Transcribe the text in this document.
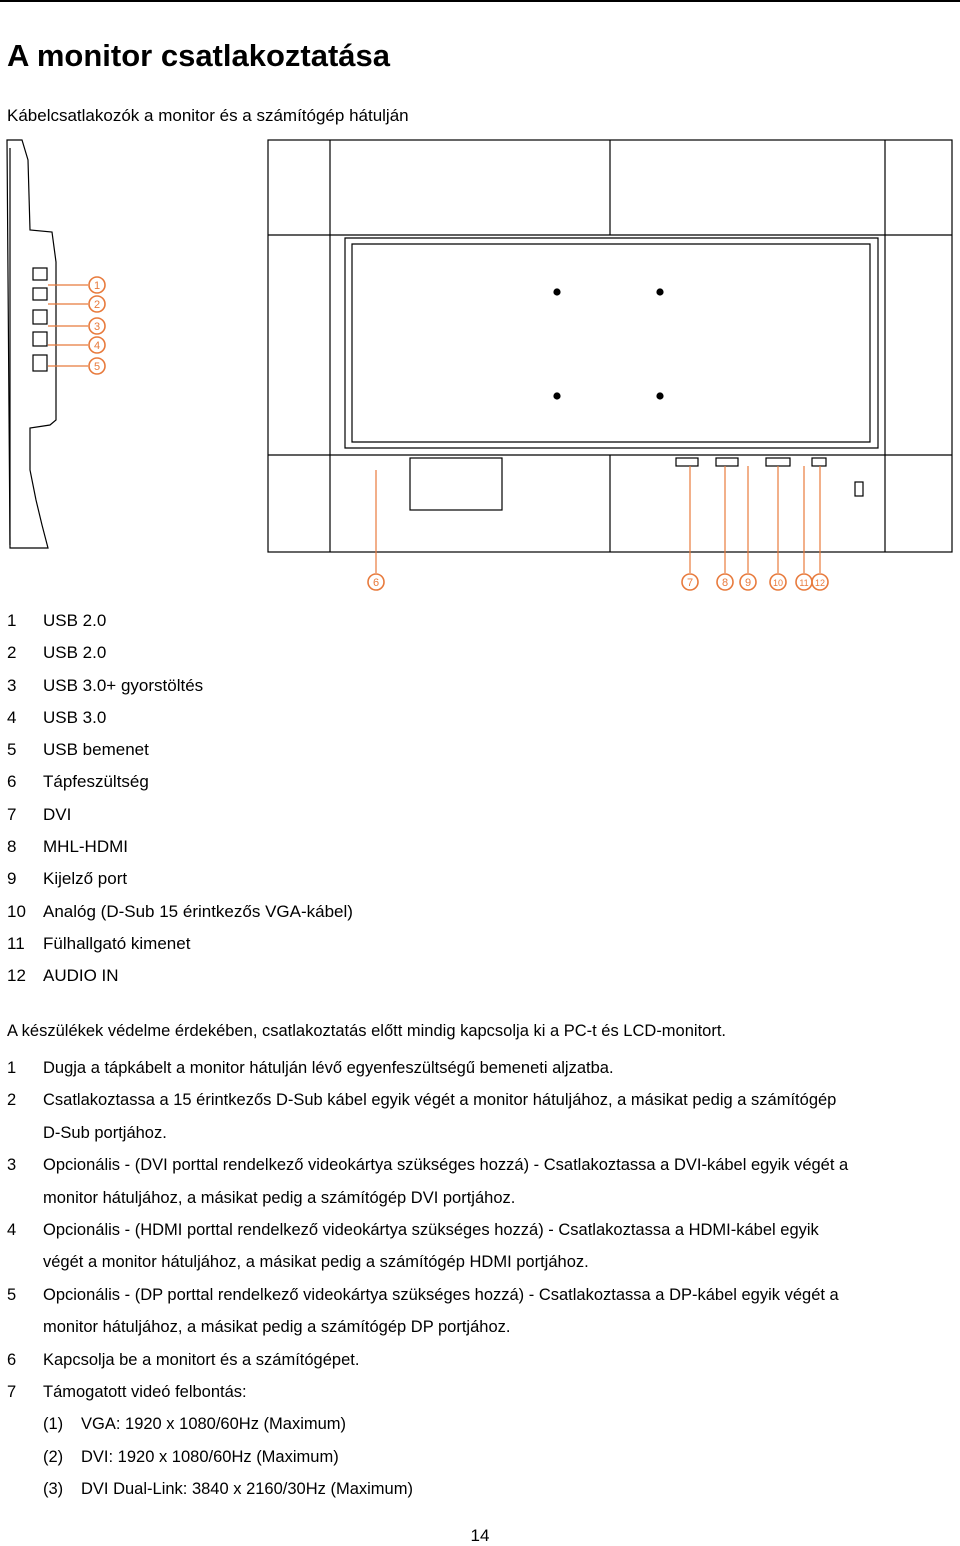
A monitor csatlakoztatása
Kábelcsatlakozók a monitor és a számítógép hátulján
1
2
3
4
5
6	7	8 9 10 11 12
1 USB 2.0
2 USB 2.0
3 USB 3.0+ gyorstöltés
4 USB 3.0
5 USB bemenet
6 Tápfeszültség
7 DVI
8 MHL-HDMI
9 Kijelző port
10 Analóg (D-Sub 15 érintkezős VGA-kábel)
11 Fülhallgató kimenet
12 AUDIO IN
A készülékek védelme érdekében, csatlakoztatás előtt mindig kapcsolja ki a PC-t és LCD-monitort.
1 Dugja a tápkábelt a monitor hátulján lévő egyenfeszültségű bemeneti aljzatba.
2 Csatlakoztassa a 15 érintkezős D-Sub kábel egyik végét a monitor hátuljához, a másikat pedig a számítógép
D-Sub portjához.
3 Opcionális - (DVI porttal rendelkező videokártya szükséges hozzá) - Csatlakoztassa a DVI-kábel egyik végét a
monitor hátuljához, a másikat pedig a számítógép DVI portjához.
4 Opcionális - (HDMI porttal rendelkező videokártya szükséges hozzá) - Csatlakoztassa a HDMI-kábel egyik
végét a monitor hátuljához, a másikat pedig a számítógép HDMI portjához.
5 Opcionális - (DP porttal rendelkező videokártya szükséges hozzá) - Csatlakoztassa a DP-kábel egyik végét a
monitor hátuljához, a másikat pedig a számítógép DP portjához.
6 Kapcsolja be a monitort és a számítógépet.
7 Támogatott videó felbontás:
(1) VGA: 1920 x 1080/60Hz (Maximum)
(2) DVI: 1920 x 1080/60Hz (Maximum)
(3) DVI Dual-Link: 3840 x 2160/30Hz (Maximum)
14
